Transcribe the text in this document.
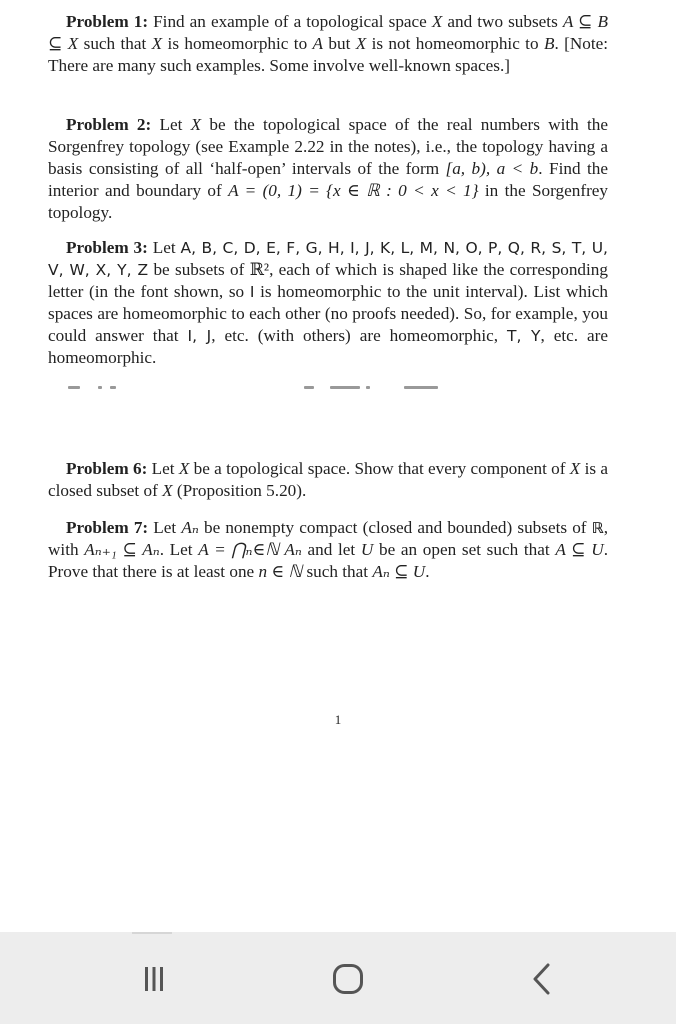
Problem 1: Find an example of a topological space X and two subsets A ⊆ B ⊆ X such that X is homeomorphic to A but X is not homeomorphic to B. [Note: There are many such examples. Some involve well-known spaces.]
Problem 2: Let X be the topological space of the real numbers with the Sorgenfrey topology (see Example 2.22 in the notes), i.e., the topology having a basis consisting of all ‘half-open’ intervals of the form [a, b), a < b. Find the interior and boundary of A = (0, 1) = {x ∈ ℝ : 0 < x < 1} in the Sorgenfrey topology.
Problem 3: Let A, B, C, D, E, F, G, H, I, J, K, L, M, N, O, P, Q, R, S, T, U, V, W, X, Y, Z be subsets of ℝ², each of which is shaped like the corresponding letter (in the font shown, so I is homeomorphic to the unit interval). List which spaces are homeomorphic to each other (no proofs needed). So, for example, you could answer that I, J, etc. (with others) are homeomorphic, T, Y, etc. are homeomorphic.
Problem 6: Let X be a topological space. Show that every component of X is a closed subset of X (Proposition 5.20).
Problem 7: Let Aₙ be nonempty compact (closed and bounded) subsets of ℝ, with Aₙ₊₁ ⊆ Aₙ. Let A = ⋂ₙ∈ℕ Aₙ and let U be an open set such that A ⊆ U. Prove that there is at least one n ∈ ℕ such that Aₙ ⊆ U.
1
